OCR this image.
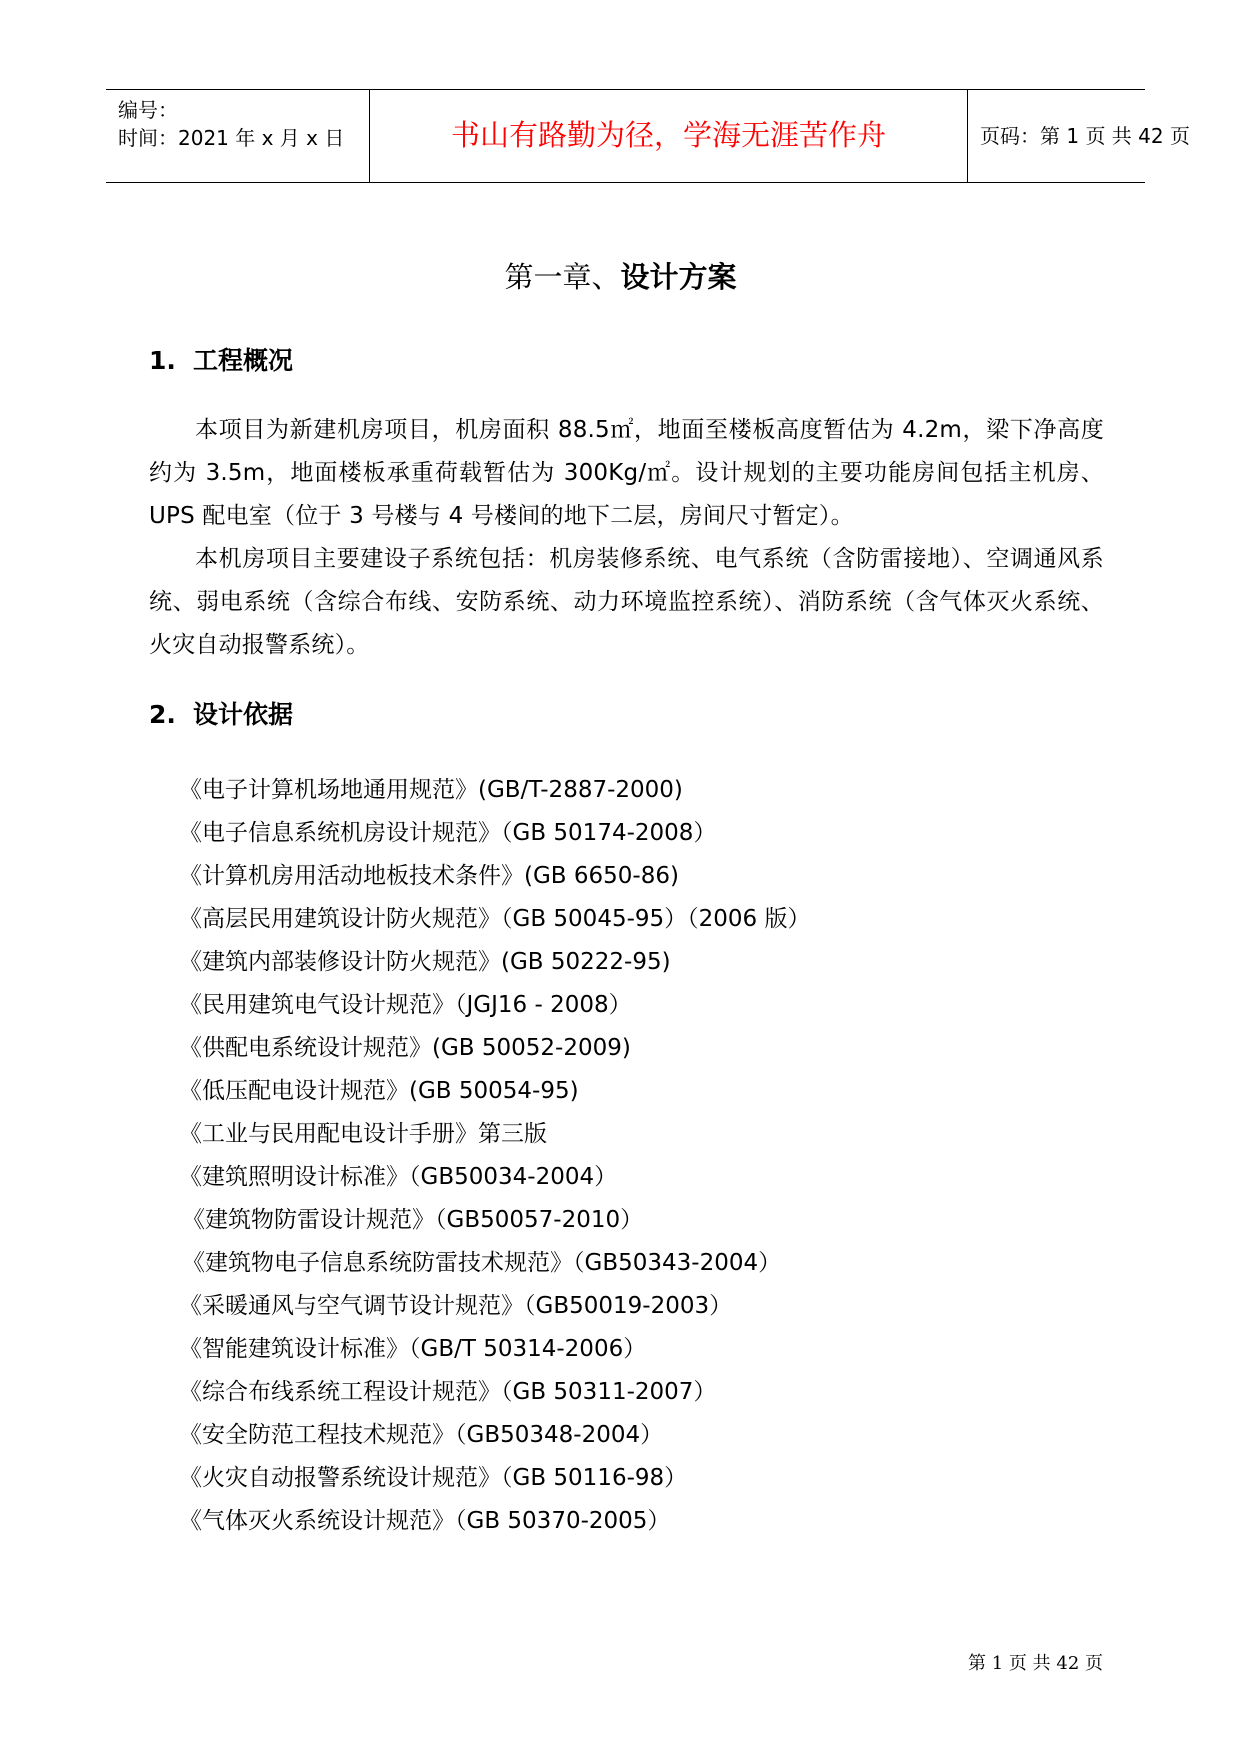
编号：
时间：2021 年 x 月 x 日	书山有路勤为径，学海无涯苦作舟	页码：第 1 页 共 42 页
第一章、设计方案
1. 工程概况

本项目为新建机房项目，机房面积 88.5㎡，地面至楼板高度暂估为 4.2m，梁下净高度约为 3.5m，地面楼板承重荷载暂估为 300Kg/㎡。设计规划的主要功能房间包括主机房、UPS 配电室（位于 3 号楼与 4 号楼间的地下二层，房间尺寸暂定）。

本机房项目主要建设子系统包括：机房装修系统、电气系统（含防雷接地）、空调通风系统、弱电系统（含综合布线、安防系统、动力环境监控系统）、消防系统（含气体灭火系统、火灾自动报警系统）。

2. 设计依据
《电子计算机场地通用规范》(GB/T-2887-2000)
《电子信息系统机房设计规范》（GB 50174-2008）
《计算机房用活动地板技术条件》(GB 6650-86)
《高层民用建筑设计防火规范》（GB 50045-95）（2006 版）
《建筑内部装修设计防火规范》(GB 50222-95)
《民用建筑电气设计规范》（JGJ16 - 2008）
《供配电系统设计规范》(GB 50052-2009)
《低压配电设计规范》(GB 50054-95)
《工业与民用配电设计手册》第三版
《建筑照明设计标准》（GB50034-2004）
《建筑物防雷设计规范》（GB50057-2010）
《建筑物电子信息系统防雷技术规范》（GB50343-2004）
《采暖通风与空气调节设计规范》（GB50019-2003）
《智能建筑设计标准》（GB/T 50314-2006）
《综合布线系统工程设计规范》（GB 50311-2007）
《安全防范工程技术规范》（GB50348-2004）
《火灾自动报警系统设计规范》（GB 50116-98）
《气体灭火系统设计规范》（GB 50370-2005）
第 1 页 共 42 页
